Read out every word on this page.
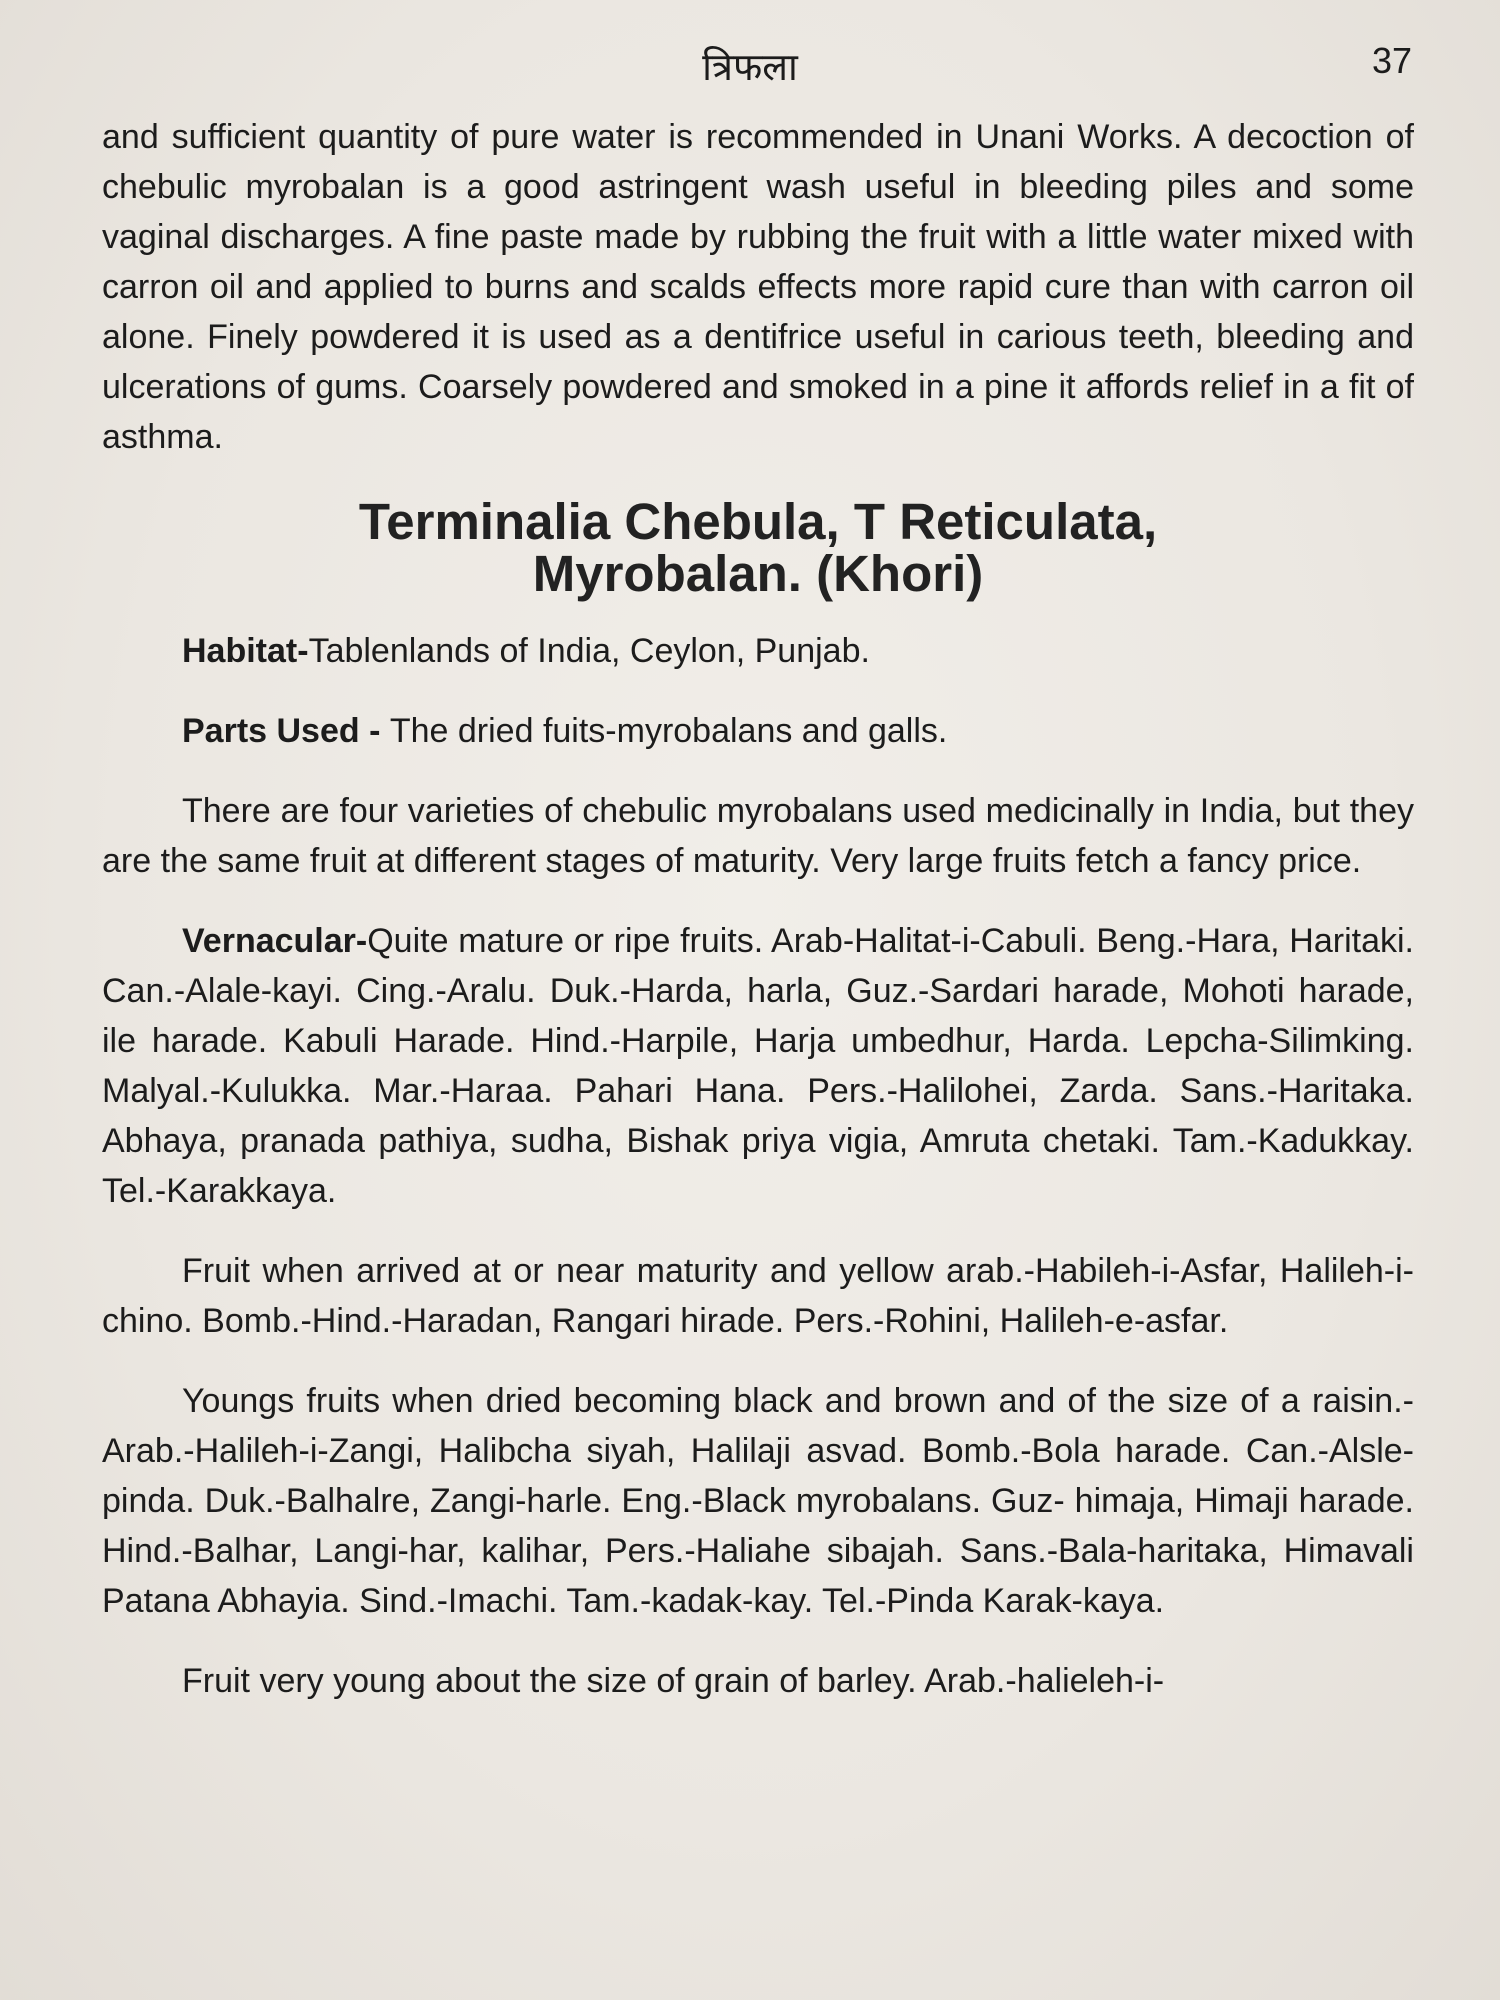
त्रिफला	37

and sufficient quantity of pure water is recommended in Unani Works. A decoction of chebulic myrobalan is a good astringent wash useful in bleeding piles and some vaginal discharges. A fine paste made by rubbing the fruit with a little water mixed with carron oil and applied to burns and scalds effects more rapid cure than with carron oil alone. Finely powdered it is used as a dentifrice useful in carious teeth, bleeding and ulcerations of gums. Coarsely powdered and smoked in a pine it affords relief in a fit of asthma.

Terminalia Chebula, T Reticulata,
Myrobalan. (Khori)

Habitat-Tablenlands of India, Ceylon, Punjab.

Parts Used - The dried fuits-myrobalans and galls.

There are four varieties of chebulic myrobalans used medicinally in India, but they are the same fruit at different stages of maturity. Very large fruits fetch a fancy price.

Vernacular-Quite mature or ripe fruits. Arab-Halitat-i-Cabuli. Beng.-Hara, Haritaki. Can.-Alale-kayi. Cing.-Aralu. Duk.-Harda, harla, Guz.-Sardari harade, Mohoti harade, ile harade. Kabuli Harade. Hind.-Harpile, Harja umbedhur, Harda. Lepcha-Silimking. Malyal.-Kulukka. Mar.-Haraa. Pahari Hana. Pers.-Halilohei, Zarda. Sans.-Haritaka. Abhaya, pranada pathiya, sudha, Bishak priya vigia, Amruta chetaki. Tam.-Kadukkay. Tel.-Karakkaya.

Fruit when arrived at or near maturity and yellow arab.-Habileh-i-Asfar, Halileh-i-chino. Bomb.-Hind.-Haradan, Rangari hirade. Pers.-Rohini, Halileh-e-asfar.

Youngs fruits when dried becoming black and brown and of the size of a raisin.-Arab.-Halileh-i-Zangi, Halibcha siyah, Halilaji asvad. Bomb.-Bola harade. Can.-Alsle-pinda. Duk.-Balhalre, Zangi-harle. Eng.-Black myrobalans. Guz- himaja, Himaji harade. Hind.-Balhar, Langi-har, kalihar, Pers.-Haliahe sibajah. Sans.-Bala-haritaka, Himavali Patana Abhayia. Sind.-Imachi. Tam.-kadak-kay. Tel.-Pinda Karak-kaya.

Fruit very young about the size of grain of barley. Arab.-halieleh-i-
